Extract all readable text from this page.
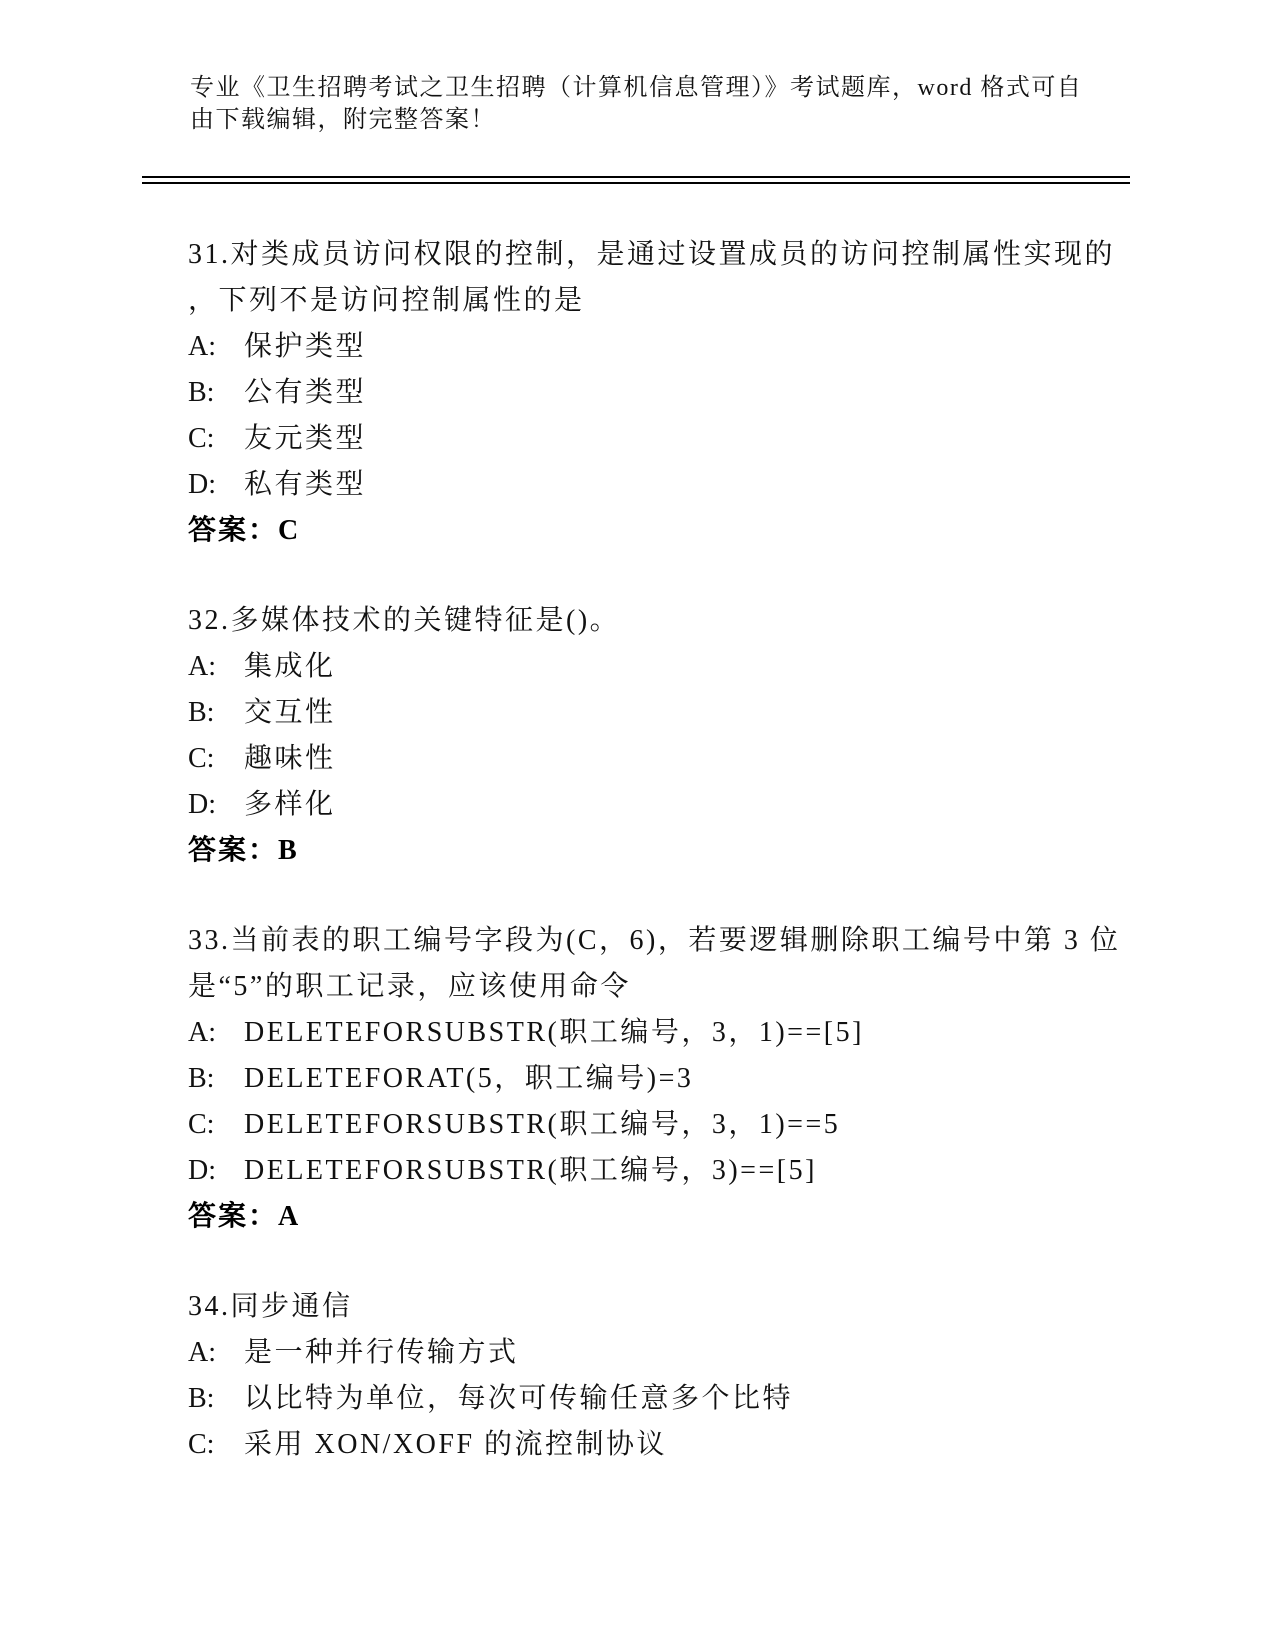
专业《卫生招聘考试之卫生招聘（计算机信息管理）》考试题库，word 格式可自
由下载编辑，附完整答案！
31.对类成员访问权限的控制，是通过设置成员的访问控制属性实现的
，下列不是访问控制属性的是
A:	保护类型
B:	公有类型
C:	友元类型
D:	私有类型
答案：C
32.多媒体技术的关键特征是()。
A:	集成化
B:	交互性
C:	趣味性
D:	多样化
答案：B
33.当前表的职工编号字段为(C，6)，若要逻辑删除职工编号中第 3 位
是“5”的职工记录，应该使用命令
A:	DELETEFORSUBSTR(职工编号，3，1)==[5]
B:	DELETEFORAT(5，职工编号)=3
C:	DELETEFORSUBSTR(职工编号，3，1)==5
D:	DELETEFORSUBSTR(职工编号，3)==[5]
答案：A
34.同步通信
A:	是一种并行传输方式
B:	以比特为单位，每次可传输任意多个比特
C:	采用 XON/XOFF 的流控制协议
